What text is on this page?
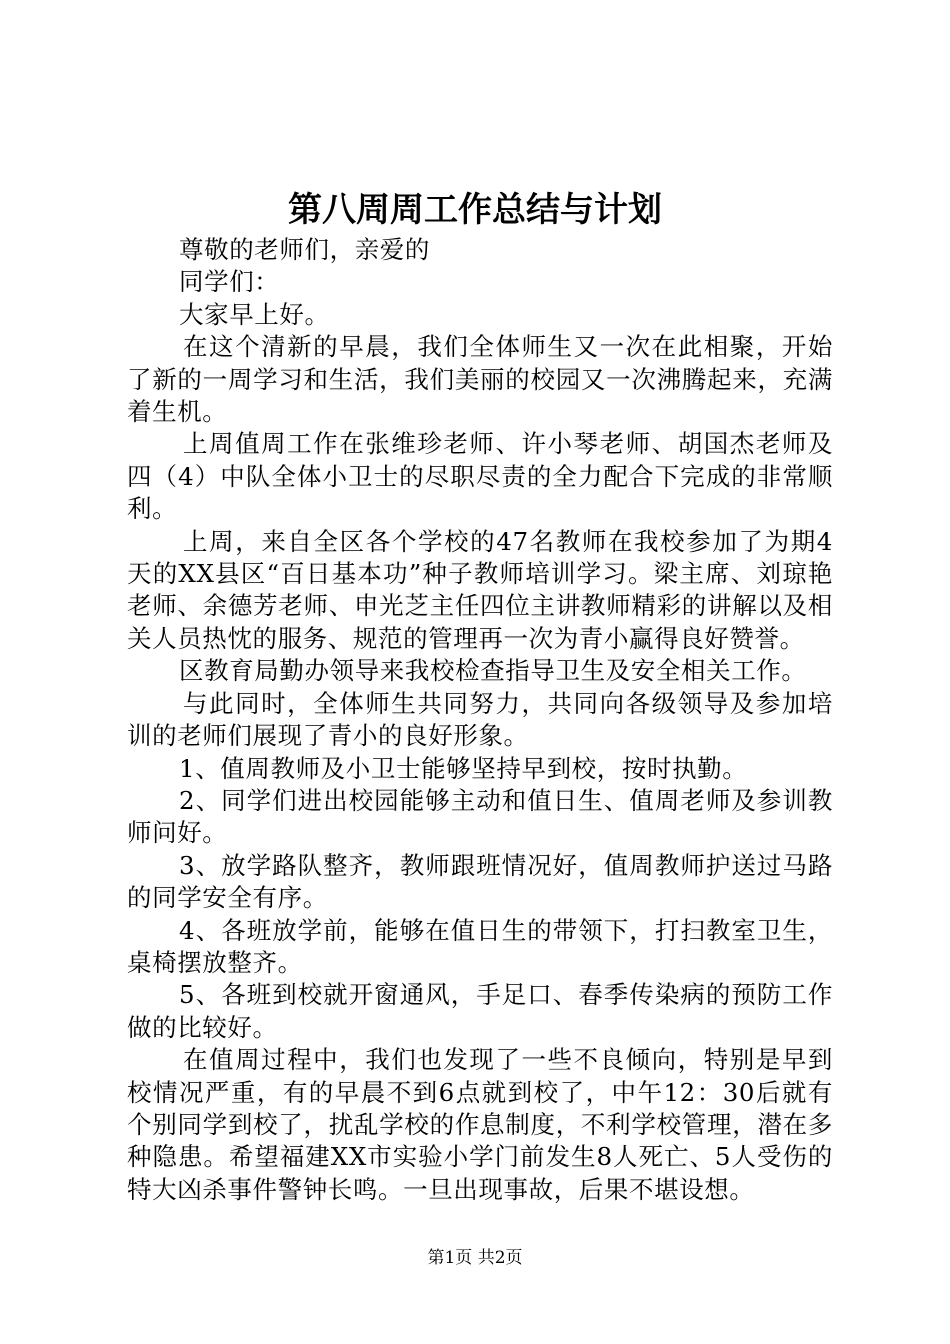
第八周周工作总结与计划

尊敬的老师们，亲爱的

同学们：

大家早上好。

在这个清新的早晨，我们全体师生又一次在此相聚，开始了新的一周学习和生活，我们美丽的校园又一次沸腾起来，充满着生机。

上周值周工作在张维珍老师、许小琴老师、胡国杰老师及四（4）中队全体小卫士的尽职尽责的全力配合下完成的非常顺利。

上周，来自全区各个学校的47名教师在我校参加了为期4天的XX县区“百日基本功”种子教师培训学习。梁主席、刘琼艳老师、余德芳老师、申光芝主任四位主讲教师精彩的讲解以及相关人员热忱的服务、规范的管理再一次为青小赢得良好赞誉。

区教育局勤办领导来我校检查指导卫生及安全相关工作。

与此同时，全体师生共同努力，共同向各级领导及参加培训的老师们展现了青小的良好形象。

1、值周教师及小卫士能够坚持早到校，按时执勤。

2、同学们进出校园能够主动和值日生、值周老师及参训教师问好。

3、放学路队整齐，教师跟班情况好，值周教师护送过马路的同学安全有序。

4、各班放学前，能够在值日生的带领下，打扫教室卫生，桌椅摆放整齐。

5、各班到校就开窗通风，手足口、春季传染病的预防工作做的比较好。

在值周过程中，我们也发现了一些不良倾向，特别是早到校情况严重，有的早晨不到6点就到校了，中午12：30后就有个别同学到校了，扰乱学校的作息制度，不利学校管理，潜在多种隐患。希望福建XX市实验小学门前发生8人死亡、5人受伤的特大凶杀事件警钟长鸣。一旦出现事故，后果不堪设想。

第1页 共2页
